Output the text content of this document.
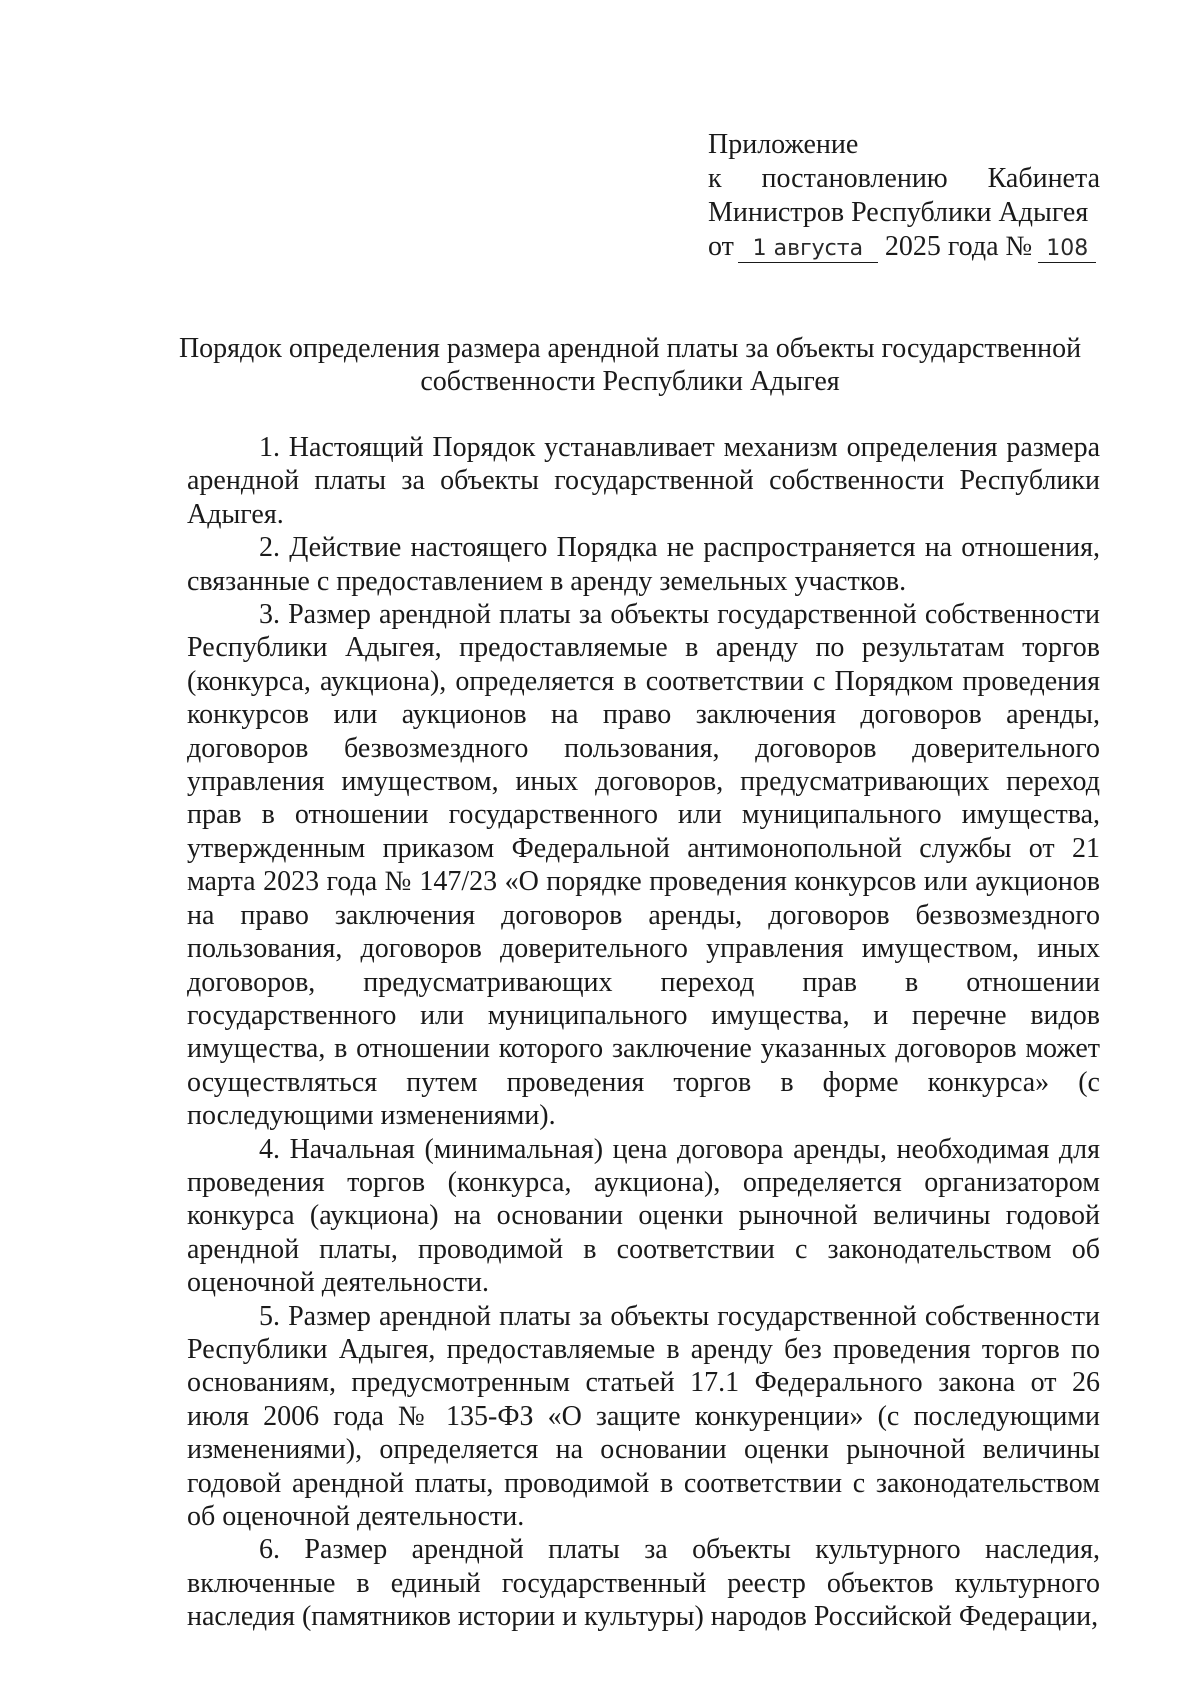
Приложение
к постановлению Кабинета
Министров Республики Адыгея
от 1 августа 2025 года № 108
Порядок определения размера арендной платы за объекты государственной собственности Республики Адыгея

1. Настоящий Порядок устанавливает механизм определения размера арендной платы за объекты государственной собственности Республики Адыгея.

2. Действие настоящего Порядка не распространяется на отношения, связанные с предоставлением в аренду земельных участков.

3. Размер арендной платы за объекты государственной собственности Республики Адыгея, предоставляемые в аренду по результатам торгов (конкурса, аукциона), определяется в соответствии с Порядком проведения конкурсов или аукционов на право заключения договоров аренды, договоров безвозмездного пользования, договоров доверительного управления имуществом, иных договоров, предусматривающих переход прав в отношении государственного или муниципального имущества, утвержденным приказом Федеральной антимонопольной службы от 21 марта 2023 года № 147/23 «О порядке проведения конкурсов или аукционов на право заключения договоров аренды, договоров безвозмездного пользования, договоров доверительного управления имуществом, иных договоров, предусматривающих переход прав в отношении государственного или муниципального имущества, и перечне видов имущества, в отношении которого заключение указанных договоров может осуществляться путем проведения торгов в форме конкурса» (с последующими изменениями).

4. Начальная (минимальная) цена договора аренды, необходимая для проведения торгов (конкурса, аукциона), определяется организатором конкурса (аукциона) на основании оценки рыночной величины годовой арендной платы, проводимой в соответствии с законодательством об оценочной деятельности.

5. Размер арендной платы за объекты государственной собственности Республики Адыгея, предоставляемые в аренду без проведения торгов по основаниям, предусмотренным статьей 17.1 Федерального закона от 26 июля 2006 года № 135-ФЗ «О защите конкуренции» (с последующими изменениями), определяется на основании оценки рыночной величины годовой арендной платы, проводимой в соответствии с законодательством об оценочной деятельности.

6. Размер арендной платы за объекты культурного наследия, включенные в единый государственный реестр объектов культурного наследия (памятников истории и культуры) народов Российской Федерации,
